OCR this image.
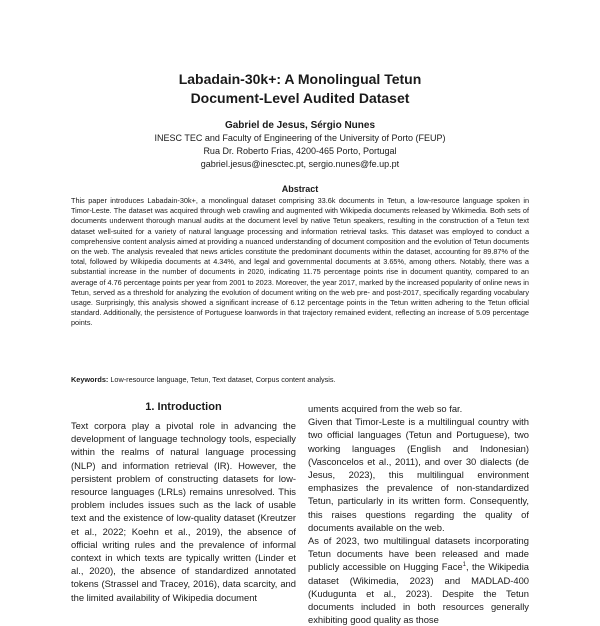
Labadain-30k+: A Monolingual Tetun
Document-Level Audited Dataset
Gabriel de Jesus, Sérgio Nunes
INESC TEC and Faculty of Engineering of the University of Porto (FEUP)
Rua Dr. Roberto Frias, 4200-465 Porto, Portugal
gabriel.jesus@inesctec.pt, sergio.nunes@fe.up.pt
Abstract

This paper introduces Labadain-30k+, a monolingual dataset comprising 33.6k documents in Tetun, a low-resource language spoken in Timor-Leste. The dataset was acquired through web crawling and augmented with Wikipedia documents released by Wikimedia. Both sets of documents underwent thorough manual audits at the document level by native Tetun speakers, resulting in the construction of a Tetun text dataset well-suited for a variety of natural language processing and information retrieval tasks. This dataset was employed to conduct a comprehensive content analysis aimed at providing a nuanced understanding of document composition and the evolution of Tetun documents on the web. The analysis revealed that news articles constitute the predominant documents within the dataset, accounting for 89.87% of the total, followed by Wikipedia documents at 4.34%, and legal and governmental documents at 3.65%, among others. Notably, there was a substantial increase in the number of documents in 2020, indicating 11.75 percentage points rise in document quantity, compared to an average of 4.76 percentage points per year from 2001 to 2023. Moreover, the year 2017, marked by the increased popularity of online news in Tetun, served as a threshold for analyzing the evolution of document writing on the web pre- and post-2017, specifically regarding vocabulary usage. Surprisingly, this analysis showed a significant increase of 6.12 percentage points in the Tetun written adhering to the Tetun official standard. Additionally, the persistence of Portuguese loanwords in that trajectory remained evident, reflecting an increase of 5.09 percentage points.

Keywords: Low-resource language, Tetun, Text dataset, Corpus content analysis.

1. Introduction

Text corpora play a pivotal role in advancing the development of language technology tools, especially within the realms of natural language processing (NLP) and information retrieval (IR). However, the persistent problem of constructing datasets for low-resource languages (LRLs) remains unresolved. This problem includes issues such as the lack of usable text and the existence of low-quality dataset (Kreutzer et al., 2022; Koehn et al., 2019), the absence of official writing rules and the prevalence of informal context in which texts are typically written (Linder et al., 2020), the absence of standardized annotated tokens (Strassel and Tracey, 2016), data scarcity, and the limited availability of Wikipedia document

uments acquired from the web so far.

Given that Timor-Leste is a multilingual country with two official languages (Tetun and Portuguese), two working languages (English and Indonesian) (Vasconcelos et al., 2011), and over 30 dialects (de Jesus, 2023), this multilingual environment emphasizes the prevalence of non-standardized Tetun, particularly in its written form. Consequently, this raises questions regarding the quality of documents available on the web.

As of 2023, two multilingual datasets incorporating Tetun documents have been released and made publicly accessible on Hugging Face$^1$, the Wikipedia dataset (Wikimedia, 2023) and MADLAD-400 (Kudugunta et al., 2023). Despite the Tetun documents included in both resources generally exhibiting good quality as those
